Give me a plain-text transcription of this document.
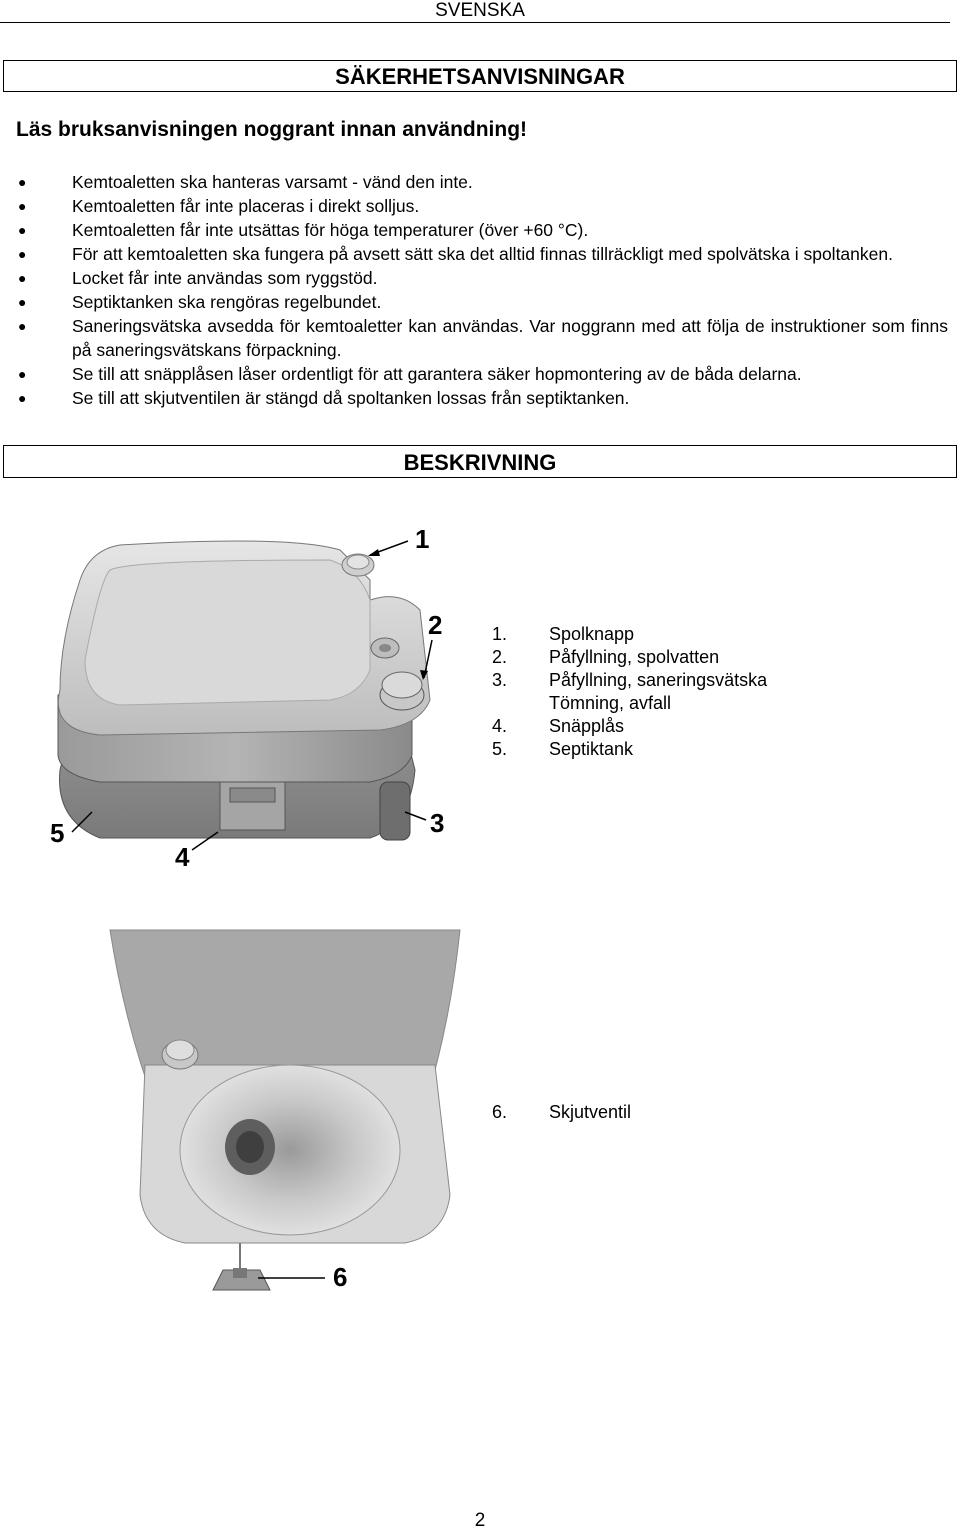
SVENSKA
SÄKERHETSANVISNINGAR
Läs bruksanvisningen noggrant innan användning!
●	Kemtoaletten ska hanteras varsamt - vänd den inte.
●	Kemtoaletten får inte placeras i direkt solljus.
●	Kemtoaletten får inte utsättas för höga temperaturer (över +60 °C).
●	För att kemtoaletten ska fungera på avsett sätt ska det alltid finnas tillräckligt med spolvätska i spoltanken.
●	Locket får inte användas som ryggstöd.
●	Septiktanken ska rengöras regelbundet.
●	Saneringsvätska avsedda för kemtoaletter kan användas. Var noggrann med att följa de instruktioner som finns på saneringsvätskans förpackning.
●	Se till att snäpplåsen låser ordentligt för att garantera säker hopmontering av de båda delarna.
●	Se till att skjutventilen är stängd då spoltanken lossas från septiktanken.
BESKRIVNING
1
2
3
4
5
1.	Spolknapp
2.	Påfyllning, spolvatten
3.	Påfyllning, saneringsvätska
Tömning, avfall
4.	Snäpplås
5.	Septiktank
6
6.	Skjutventil
2
